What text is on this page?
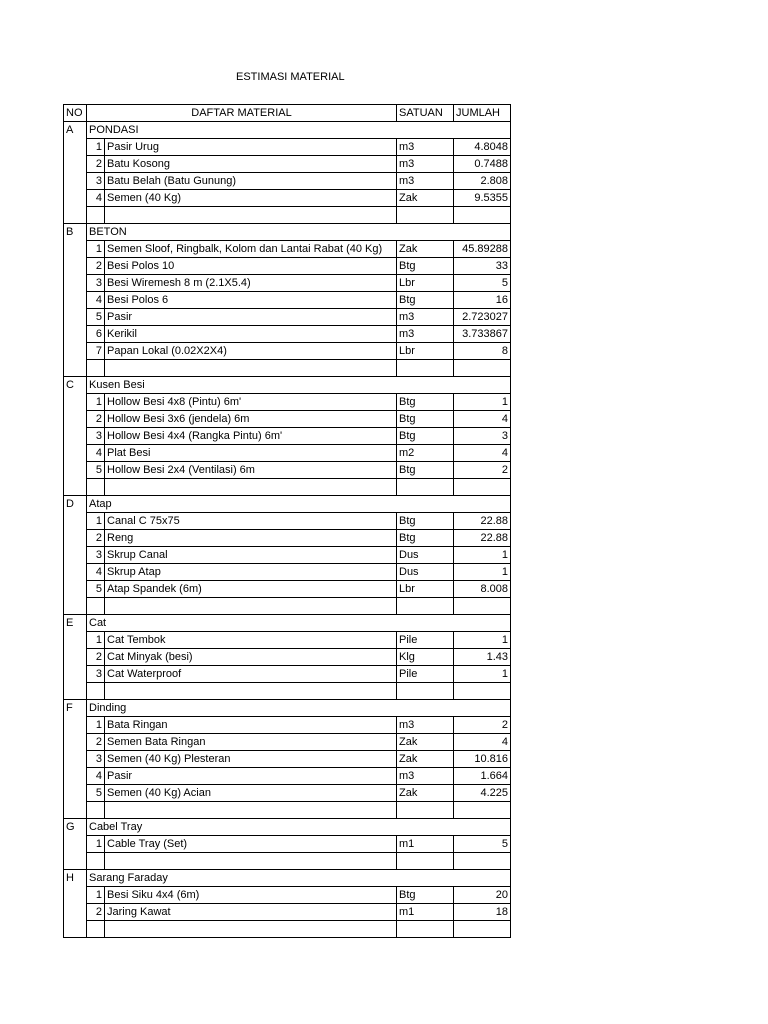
ESTIMASI MATERIAL
NO	DAFTAR MATERIAL		SATUAN	JUMLAH
A	PONDASI			
	1	Pasir Urug	m3	4.8048
	2	Batu Kosong	m3	0.7488
	3	Batu Belah (Batu Gunung)	m3	2.808
	4	Semen (40 Kg)	Zak	9.5355

B	BETON			
	1	Semen Sloof, Ringbalk, Kolom dan Lantai Rabat (40 Kg)	Zak	45.89288
	2	Besi Polos 10	Btg	33
	3	Besi Wiremesh 8 m (2.1X5.4)	Lbr	5
	4	Besi Polos 6	Btg	16
	5	Pasir	m3	2.723027
	6	Kerikil	m3	3.733867
	7	Papan Lokal (0.02X2X4)	Lbr	8

C	Kusen Besi			
	1	Hollow Besi 4x8 (Pintu) 6m'	Btg	1
	2	Hollow Besi 3x6 (jendela) 6m	Btg	4
	3	Hollow Besi 4x4 (Rangka Pintu) 6m'	Btg	3
	4	Plat Besi	m2	4
	5	Hollow Besi 2x4 (Ventilasi) 6m	Btg	2

D	Atap			
	1	Canal C 75x75	Btg	22.88
	2	Reng	Btg	22.88
	3	Skrup Canal	Dus	1
	4	Skrup Atap	Dus	1
	5	Atap Spandek (6m)	Lbr	8.008

E	Cat			
	1	Cat Tembok	Pile	1
	2	Cat Minyak (besi)	Klg	1.43
	3	Cat Waterproof	Pile	1

F	Dinding			
	1	Bata Ringan	m3	2
	2	Semen Bata Ringan	Zak	4
	3	Semen (40 Kg) Plesteran	Zak	10.816
	4	Pasir	m3	1.664
	5	Semen (40 Kg) Acian	Zak	4.225

G	Cabel Tray			
	1	Cable Tray (Set)	m1	5

H	Sarang Faraday			
	1	Besi Siku 4x4 (6m)	Btg	20
	2	Jaring Kawat	m1	18
